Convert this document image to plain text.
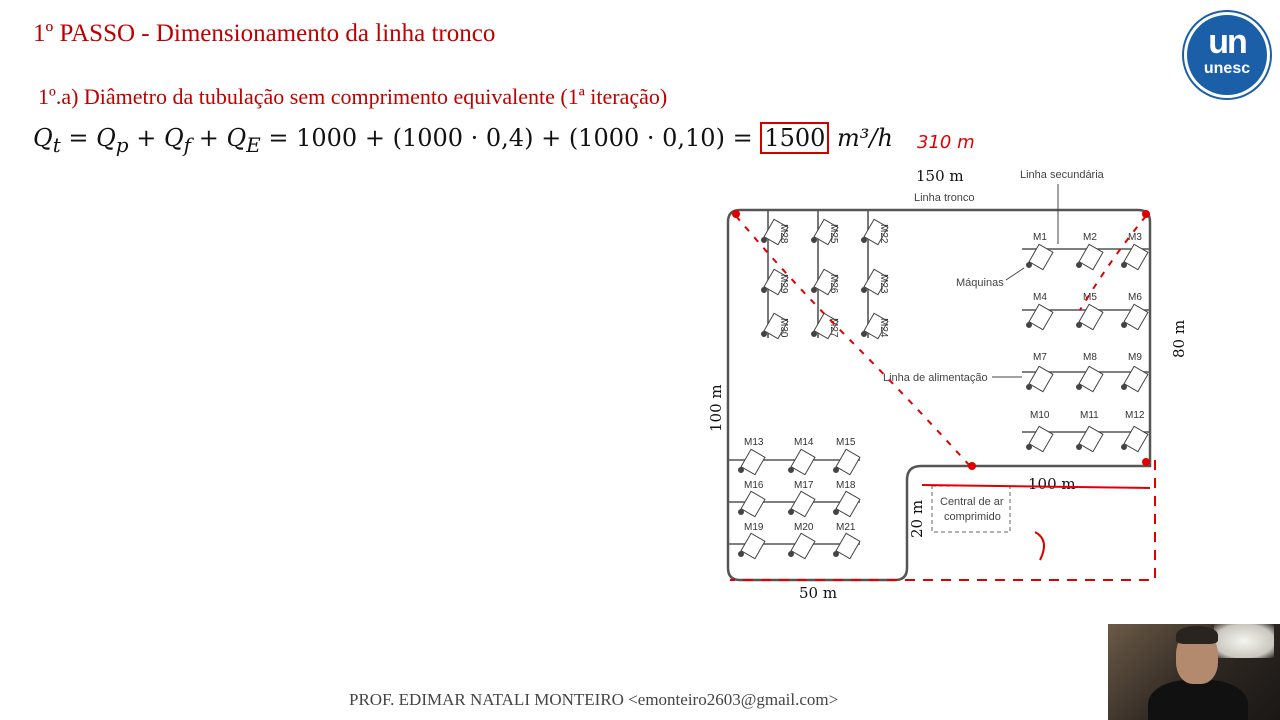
1º PASSO - Dimensionamento da linha tronco
1º.a) Diâmetro da tubulação sem comprimento equivalente (1ª iteração)
$Q_t = Q_p + Q_f + Q_E = 1000 + (1000 \cdot 0,4) + (1000 \cdot 0,10) = 1500$ m³/h 310 m
un
unesc
M1	M2	M3
M4	M5	M6
M7	M8	M9
M10	M11	M12
M13	M14 M15
M16	M17 M18
M19	M20 M21
M22
M23
M24
M25
M26
M27
M28
M29
M30
Linha tronco
Linha secundária
Máquinas
Linha de alimentação
Central de ar
comprimido
150 m
100 m
80 m
100 m
50 m
20 m
PROF. EDIMAR NATALI MONTEIRO <emonteiro2603@gmail.com>
